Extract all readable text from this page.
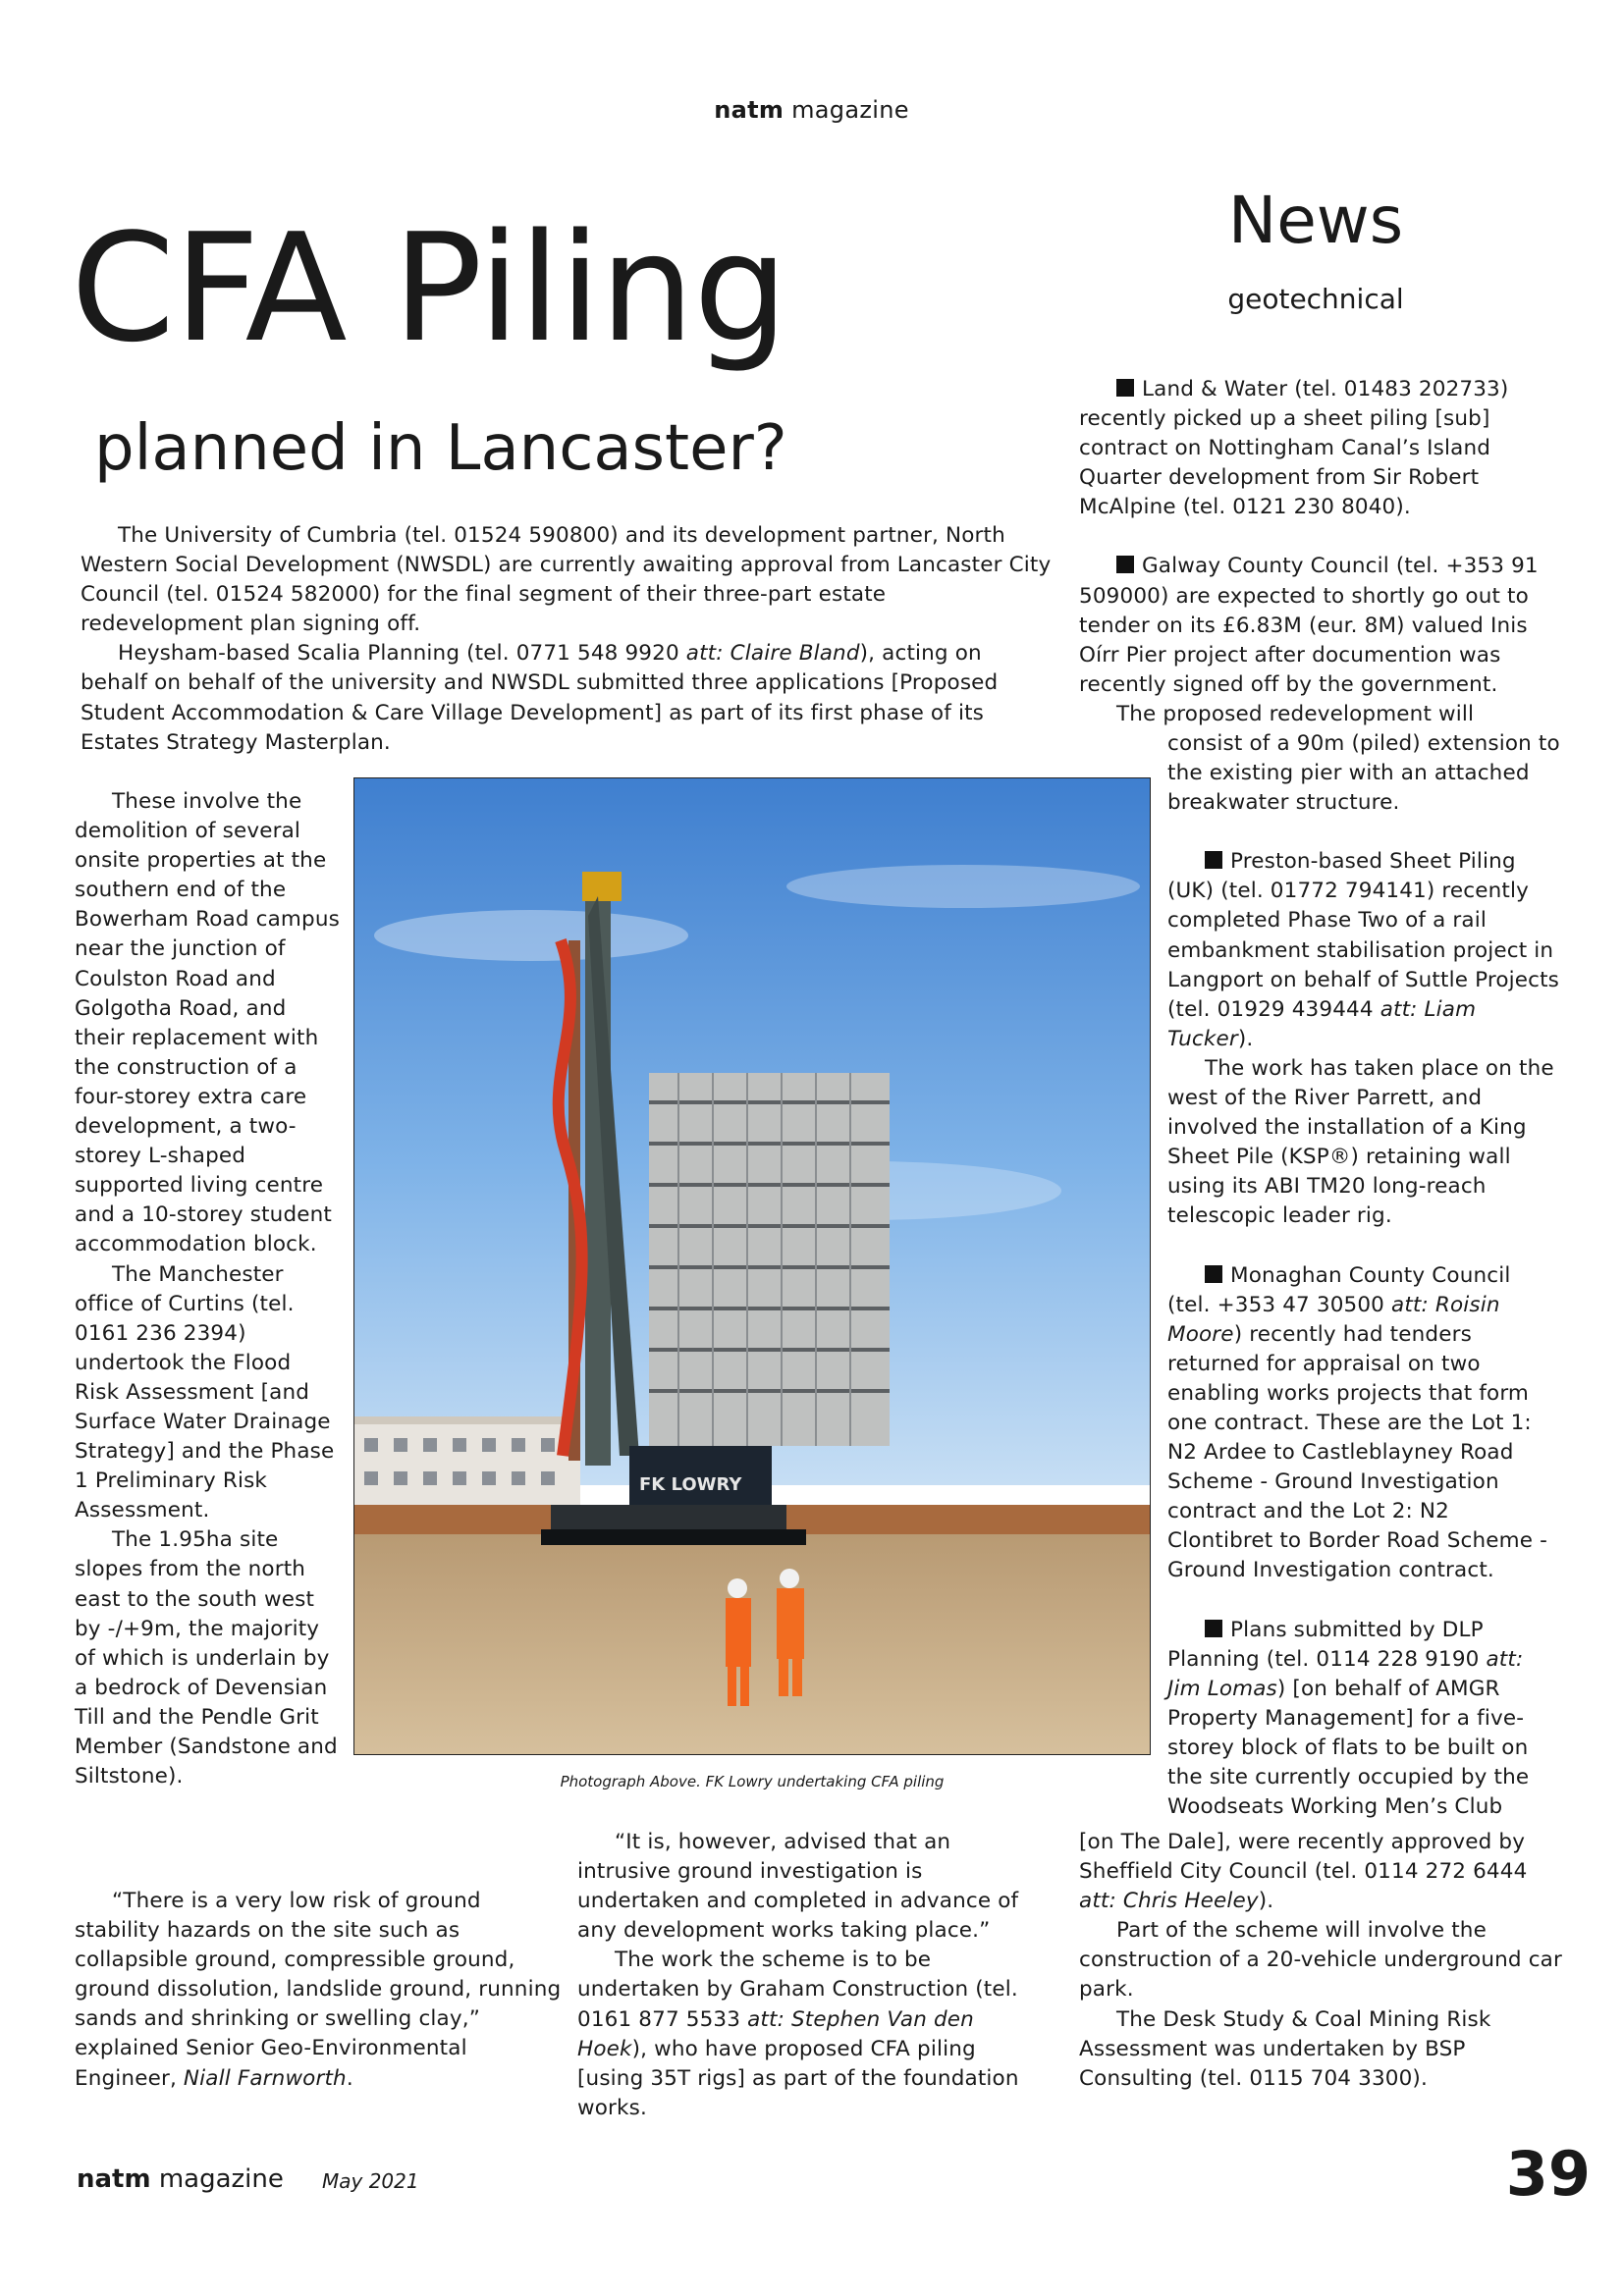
natm magazine
CFA Piling
planned in Lancaster?
News
geotechnical

The University of Cumbria (tel. 01524 590800) and its development partner, North Western Social Development (NWSDL) are currently awaiting approval from Lancaster City Council (tel. 01524 582000) for the final segment of their three-part estate redevelopment plan signing off.

Heysham-based Scalia Planning (tel. 0771 548 9920 att: Claire Bland), acting on behalf on behalf of the university and NWSDL submitted three applications [Proposed Student Accommodation & Care Village Development] as part of its first phase of its Estates Strategy Masterplan.

These involve the demolition of several onsite properties at the southern end of the Bowerham Road campus near the junction of Coulston Road and Golgotha Road, and their replacement with the construction of a four-storey extra care development, a two-storey L-shaped supported living centre and a 10-storey student accommodation block.

The Manchester office of Curtins (tel. 0161 236 2394) undertook the Flood Risk Assessment [and Surface Water Drainage Strategy] and the Phase 1 Preliminary Risk Assessment.

The 1.95ha site slopes from the north east to the south west by -/+9m, the majority of which is underlain by a bedrock of Devensian Till and the Pendle Grit Member (Sandstone and Siltstone).

“There is a very low risk of ground stability hazards on the site such as collapsible ground, compressible ground, ground dissolution, landslide ground, running sands and shrinking or swelling clay,” explained Senior Geo-Environmental Engineer, Niall Farnworth.

FK LOWRY
Photograph Above. FK Lowry undertaking CFA piling

“It is, however, advised that an intrusive ground investigation is undertaken and completed in advance of any development works taking place.”

The work the scheme is to be undertaken by Graham Construction (tel. 0161 877 5533 att: Stephen Van den Hoek), who have proposed CFA piling [using 35T rigs] as part of the foundation works.

Land & Water (tel. 01483 202733) recently picked up a sheet piling [sub] contract on Nottingham Canal’s Island Quarter development from Sir Robert McAlpine (tel. 0121 230 8040).

Galway County Council (tel. +353 91 509000) are expected to shortly go out to tender on its £6.83M (eur. 8M) valued Inis Oírr Pier project after documention was recently signed off by the government.

The proposed redevelopment will

consist of a 90m (piled) extension to the existing pier with an attached breakwater structure.

Preston-based Sheet Piling (UK) (tel. 01772 794141) recently completed Phase Two of a rail embankment stabilisation project in Langport on behalf of Suttle Projects (tel. 01929 439444 att: Liam Tucker).

The work has taken place on the west of the River Parrett, and involved the installation of a King Sheet Pile (KSP®) retaining wall using its ABI TM20 long-reach telescopic leader rig.

Monaghan County Council (tel. +353 47 30500 att: Roisin Moore) recently had tenders returned for appraisal on two enabling works projects that form one contract. These are the Lot 1: N2 Ardee to Castleblayney Road Scheme - Ground Investigation contract and the Lot 2: N2 Clontibret to Border Road Scheme - Ground Investigation contract.

Plans submitted by DLP Planning (tel. 0114 228 9190 att: Jim Lomas) [on behalf of AMGR Property Management] for a five-storey block of flats to be built on the site currently occupied by the Woodseats Working Men’s Club

[on The Dale], were recently approved by Sheffield City Council (tel. 0114 272 6444 att: Chris Heeley).

Part of the scheme will involve the construction of a 20-vehicle underground car park.

The Desk Study & Coal Mining Risk Assessment was undertaken by BSP Consulting (tel. 0115 704 3300).

natm magazine May 2021	39
